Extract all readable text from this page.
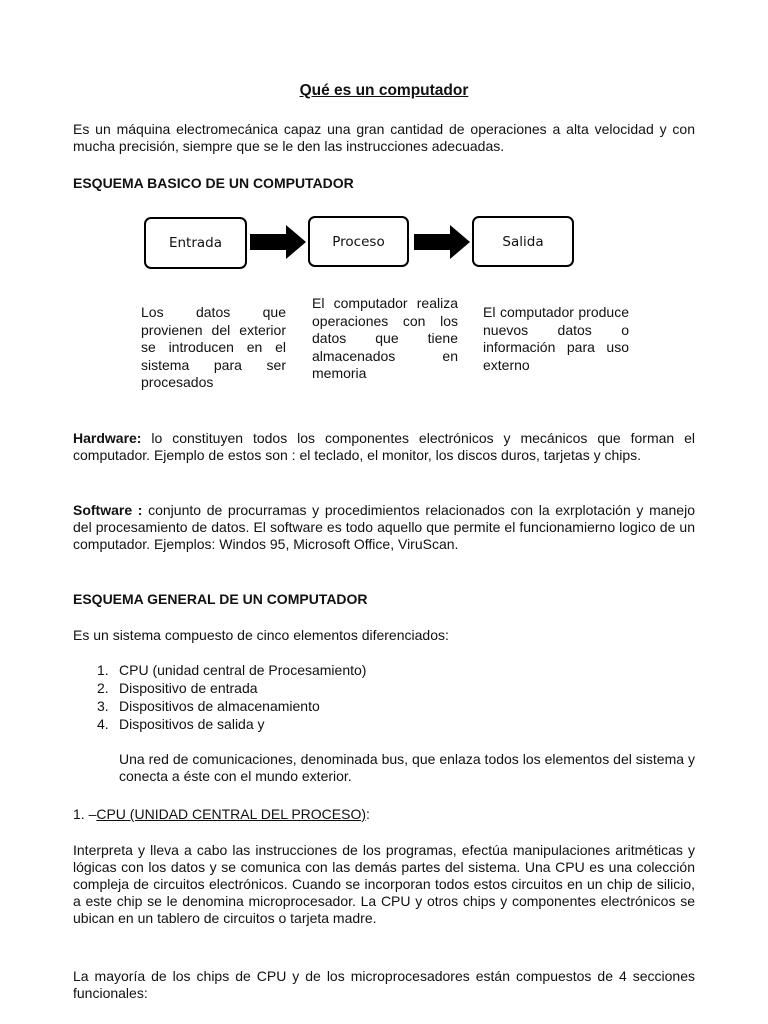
Qué es un computador

Es un máquina electromecánica capaz una gran cantidad de operaciones a alta velocidad y con mucha precisión, siempre que se le den las instrucciones adecuadas.

ESQUEMA BASICO DE UN COMPUTADOR

Entrada	Proceso	Salida

Los datos que provienen del exterior se introducen en el sistema para ser procesados

El computador realiza operaciones con los datos que tiene almacenados en memoria

El computador produce nuevos datos o información para uso externo

Hardware: lo constituyen todos los componentes electrónicos y mecánicos que forman el computador. Ejemplo de estos son : el teclado, el monitor, los discos duros, tarjetas y chips.

Software : conjunto de procurramas y procedimientos relacionados con la exrplotación y manejo del procesamiento de datos. El software es todo aquello que permite el funcionamierno logico de un computador. Ejemplos: Windos 95, Microsoft Office, ViruScan.

ESQUEMA GENERAL DE UN COMPUTADOR

Es un sistema compuesto de cinco elementos diferenciados:

1. CPU (unidad central de Procesamiento)
2. Dispositivo de entrada
3. Dispositivos de almacenamiento
4. Dispositivos de salida y

Una red de comunicaciones, denominada bus, que enlaza todos los elementos del sistema y conecta a éste con el mundo exterior.

1. –CPU (UNIDAD CENTRAL DEL PROCESO):

Interpreta y lleva a cabo las instrucciones de los programas, efectúa manipulaciones aritméticas y lógicas con los datos y se comunica con las demás partes del sistema. Una CPU es una colección compleja de circuitos electrónicos. Cuando se incorporan todos estos circuitos en un chip de silicio, a este chip se le denomina microprocesador. La CPU y otros chips y componentes electrónicos se ubican en un tablero de circuitos o tarjeta madre.

La mayoría de los chips de CPU y de los microprocesadores están compuestos de 4 secciones funcionales:
